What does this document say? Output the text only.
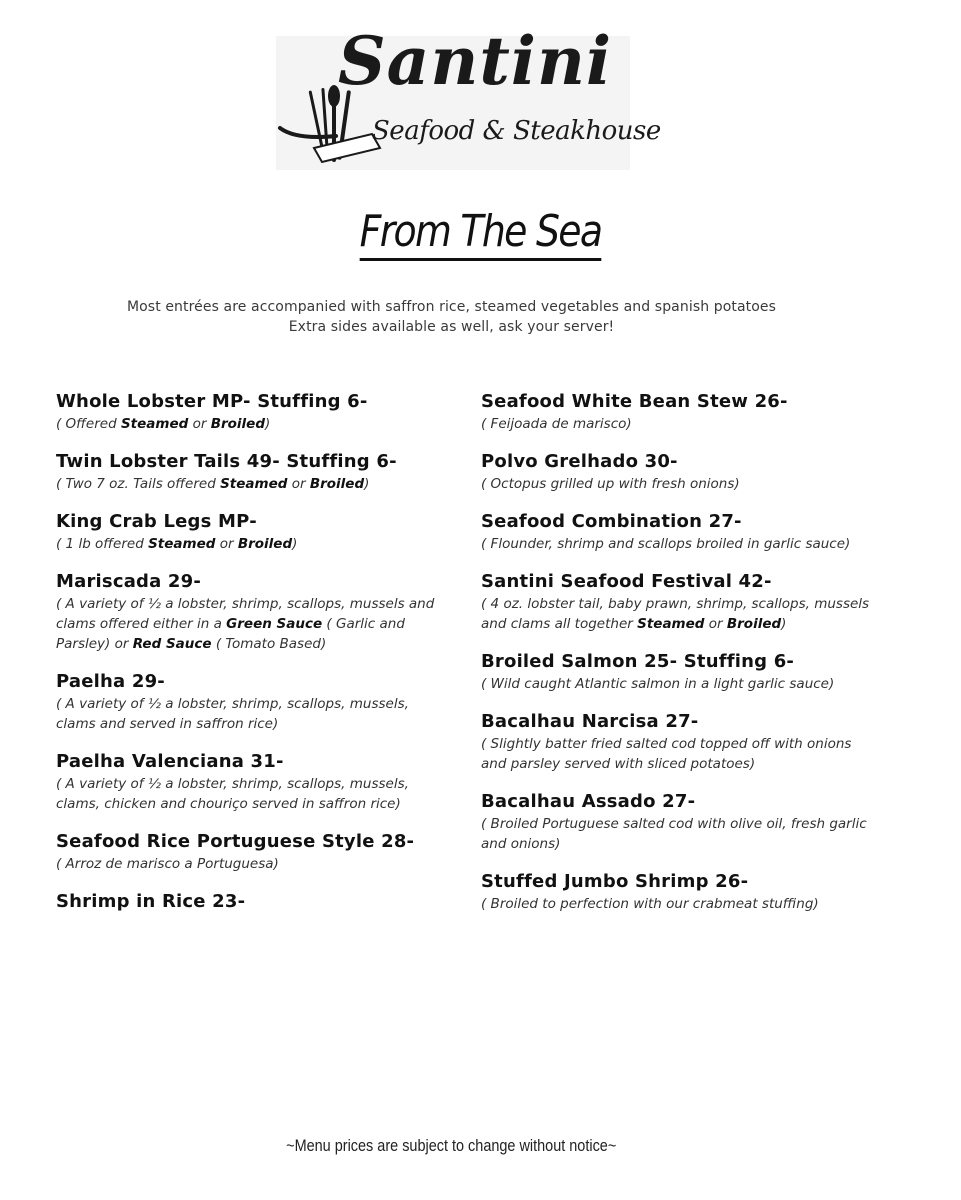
Santini
Seafood & Steakhouse
From The Sea
Most entrées are accompanied with saffron rice, steamed vegetables and spanish potatoes
Extra sides available as well, ask your server!
Whole Lobster MP- Stuffing 6-
( Offered Steamed or Broiled)
Twin Lobster Tails 49- Stuffing 6-
( Two 7 oz. Tails offered Steamed or Broiled)
King Crab Legs MP-
( 1 lb offered Steamed or Broiled)
Mariscada 29-
( A variety of ½ a lobster, shrimp, scallops, mussels and clams offered either in a Green Sauce ( Garlic and Parsley) or Red Sauce ( Tomato Based)
Paelha 29-
( A variety of ½ a lobster, shrimp, scallops, mussels, clams and served in saffron rice)
Paelha Valenciana 31-
( A variety of ½ a lobster, shrimp, scallops, mussels, clams, chicken and chouriço served in saffron rice)
Seafood Rice Portuguese Style 28-
( Arroz de marisco a Portuguesa)
Shrimp in Rice 23-
Seafood White Bean Stew 26-
( Feijoada de marisco)
Polvo Grelhado 30-
( Octopus grilled up with fresh onions)
Seafood Combination 27-
( Flounder, shrimp and scallops broiled in garlic sauce)
Santini Seafood Festival 42-
( 4 oz. lobster tail, baby prawn, shrimp, scallops, mussels and clams all together Steamed or Broiled)
Broiled Salmon 25- Stuffing 6-
( Wild caught Atlantic salmon in a light garlic sauce)
Bacalhau Narcisa 27-
( Slightly batter fried salted cod topped off with onions and parsley served with sliced potatoes)
Bacalhau Assado 27-
( Broiled Portuguese salted cod with olive oil, fresh garlic and onions)
Stuffed Jumbo Shrimp 26-
( Broiled to perfection with our crabmeat stuffing)
~Menu prices are subject to change without notice~
